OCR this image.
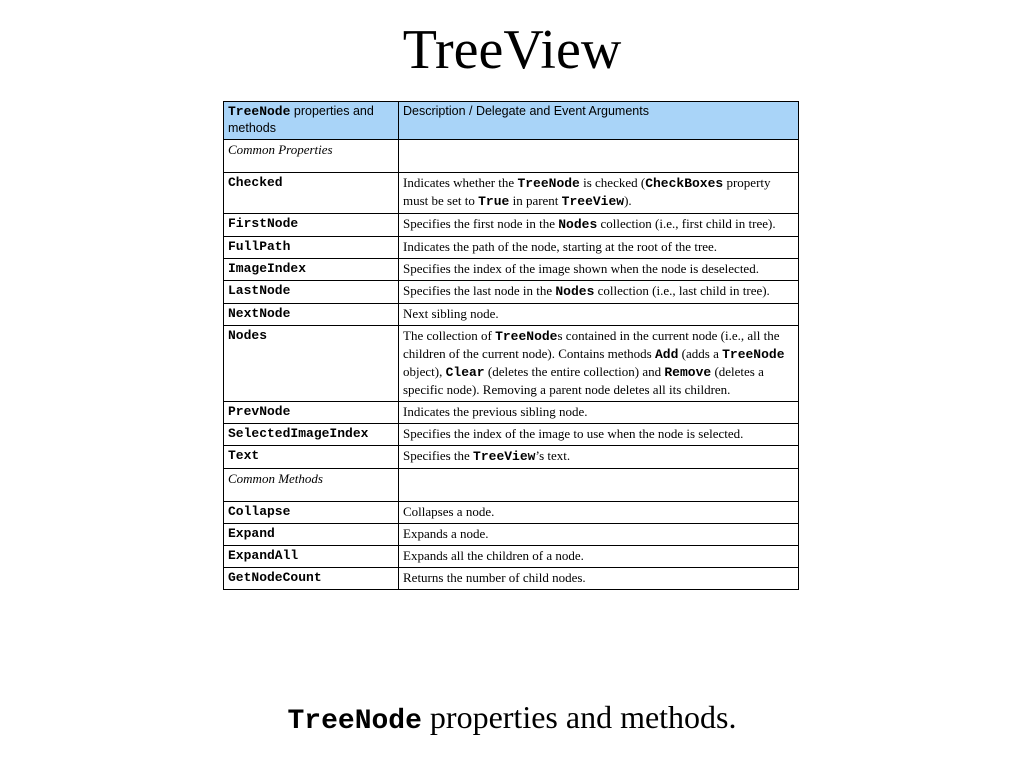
TreeView
TreeNode properties and methods	Description / Delegate and Event Arguments
Common Properties	
Checked	Indicates whether the TreeNode is checked (CheckBoxes property must be set to True in parent TreeView).
FirstNode	Specifies the first node in the Nodes collection (i.e., first child in tree).
FullPath	Indicates the path of the node, starting at the root of the tree.
ImageIndex	Specifies the index of the image shown when the node is deselected.
LastNode	Specifies the last node in the Nodes collection (i.e., last child in tree).
NextNode	Next sibling node.
Nodes	The collection of TreeNodes contained in the current node (i.e., all the children of the current node). Contains methods Add (adds a TreeNode object), Clear (deletes the entire collection) and Remove (deletes a specific node). Removing a parent node deletes all its children.
PrevNode	Indicates the previous sibling node.
SelectedImageIndex	Specifies the index of the image to use when the node is selected.
Text	Specifies the TreeView’s text.
Common Methods	
Collapse	Collapses a node.
Expand	Expands a node.
ExpandAll	Expands all the children of a node.
GetNodeCount	Returns the number of child nodes.
TreeNode properties and methods.
